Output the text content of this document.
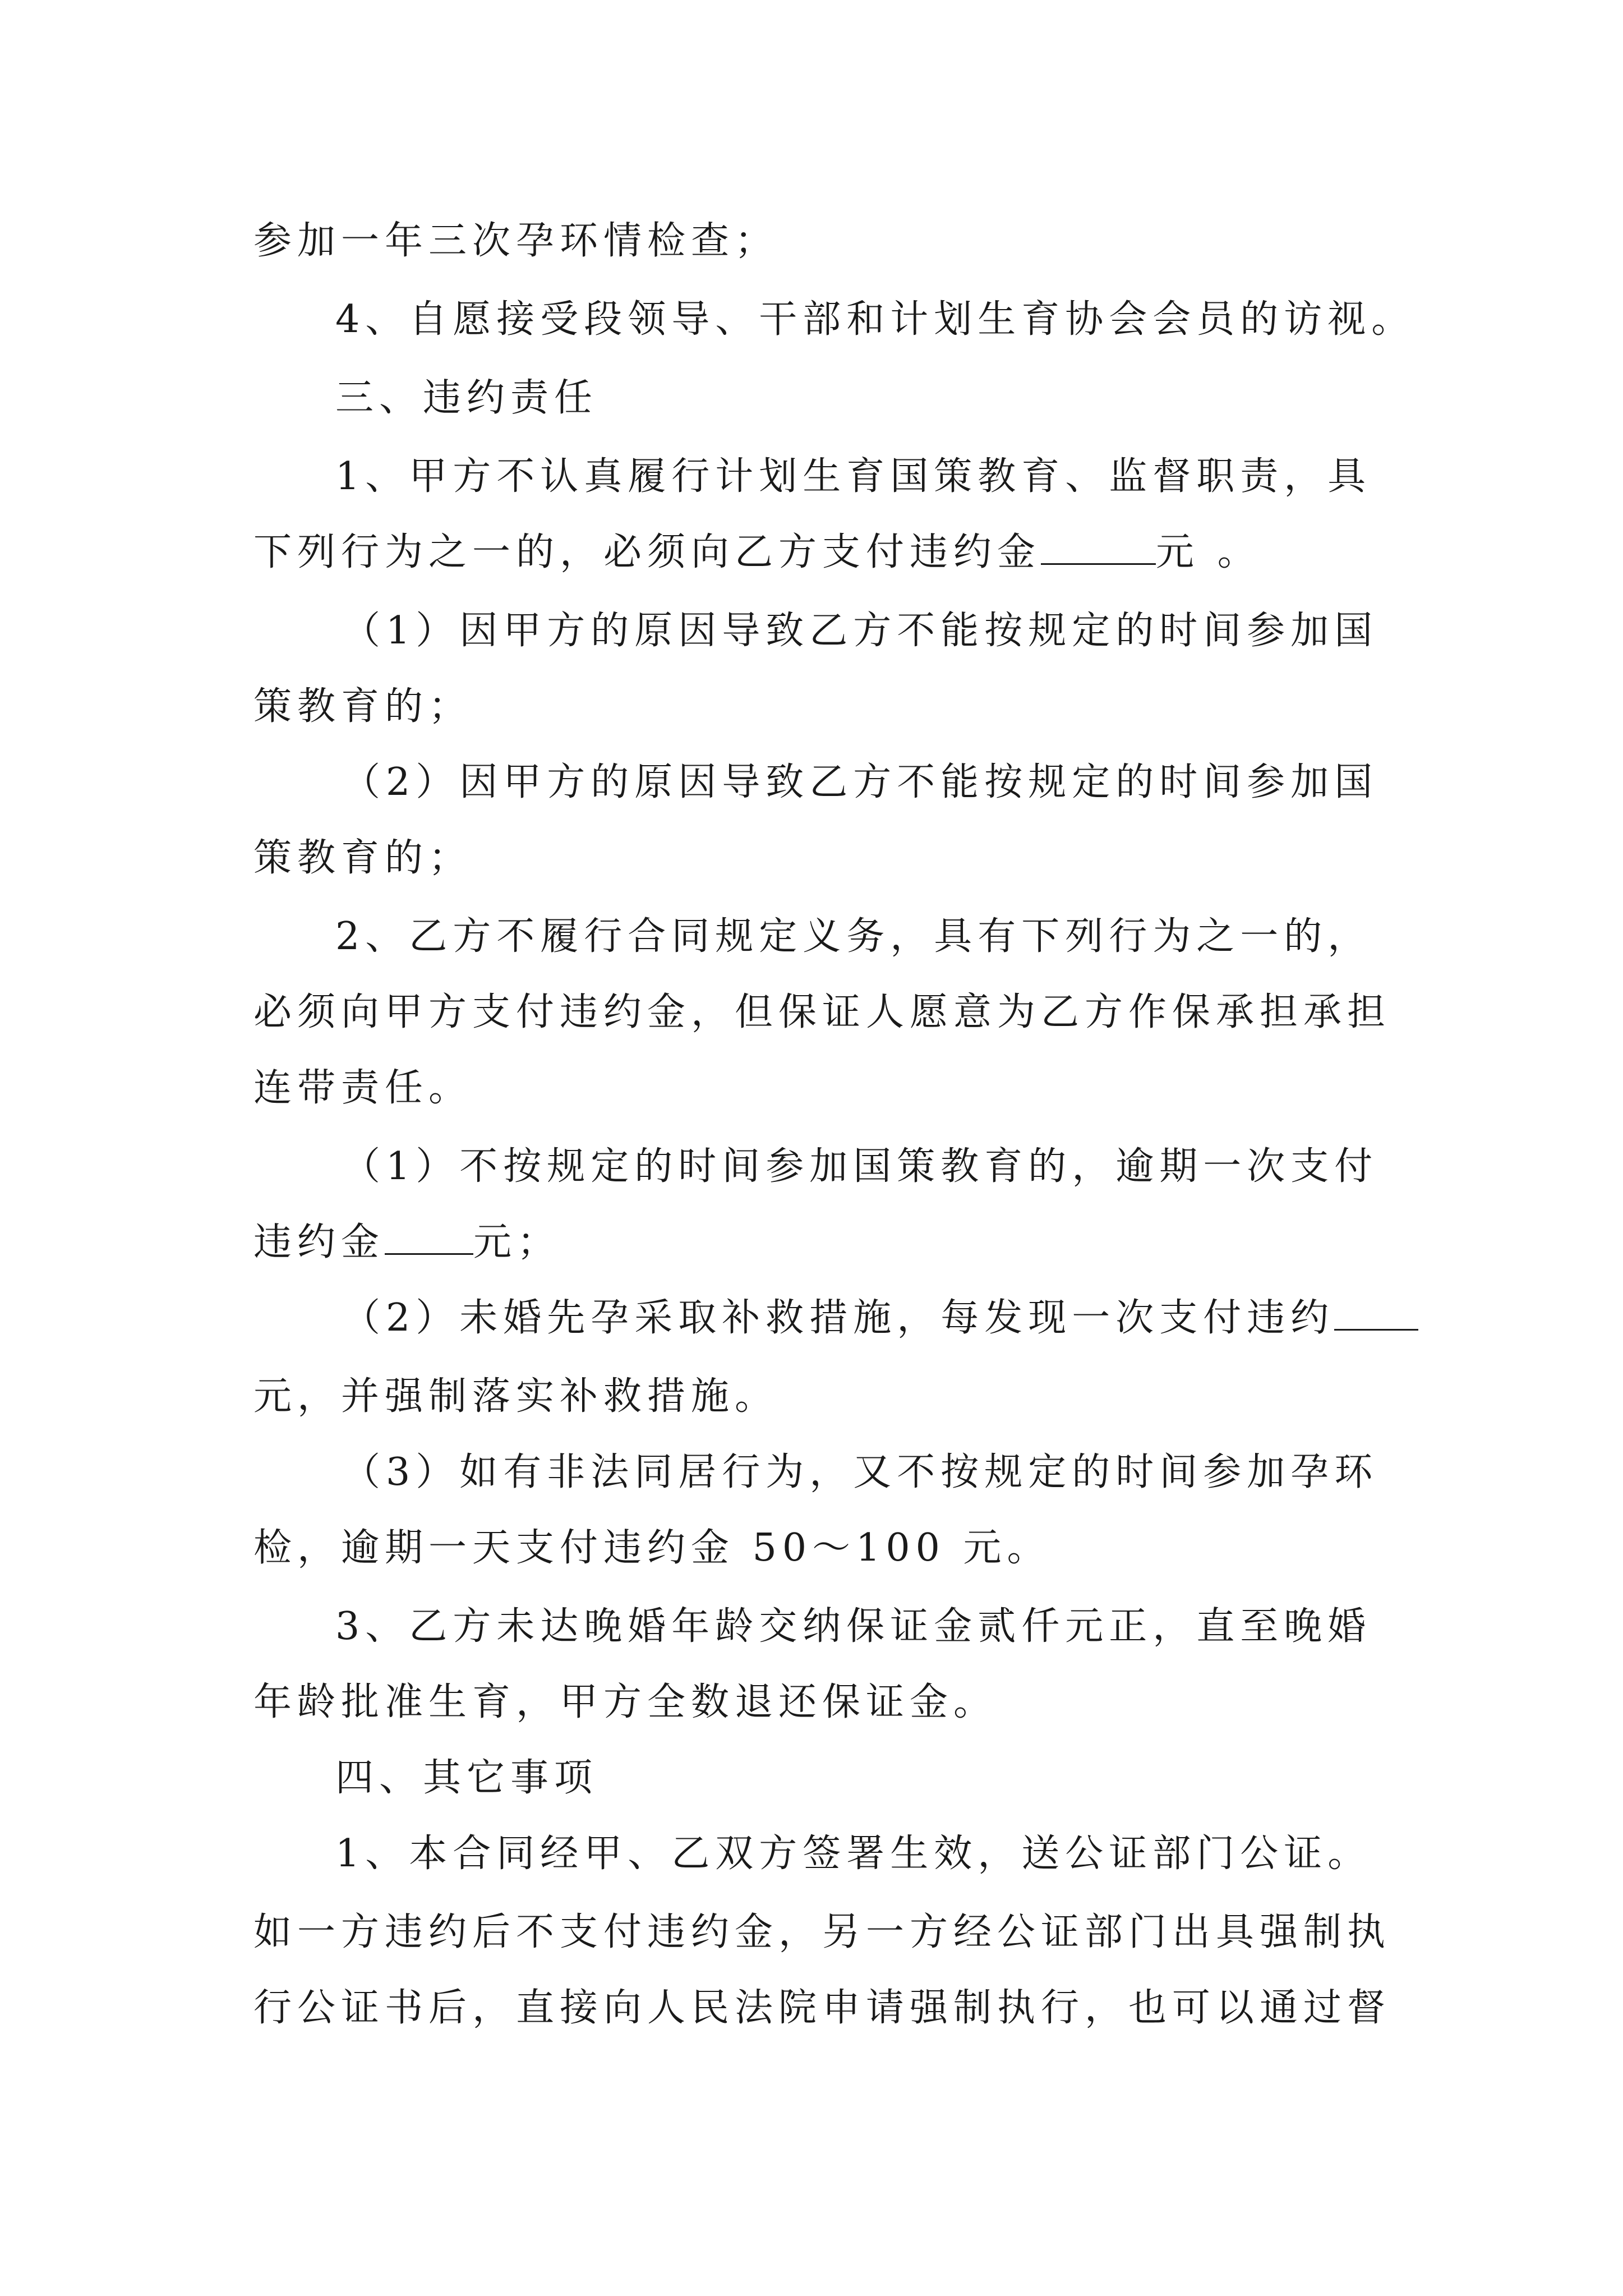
参加一年三次孕环情检查；
4、自愿接受段领导、干部和计划生育协会会员的访视。
三、违约责任
1、甲方不认真履行计划生育国策教育、监督职责，具
下列行为之一的，必须向乙方支付违约金	元 。
（1）因甲方的原因导致乙方不能按规定的时间参加国
策教育的；
（2）因甲方的原因导致乙方不能按规定的时间参加国
策教育的；
2、乙方不履行合同规定义务，具有下列行为之一的，
必须向甲方支付违约金，但保证人愿意为乙方作保承担承担
连带责任。
（1）不按规定的时间参加国策教育的，逾期一次支付
违约金 元；
（2）未婚先孕采取补救措施，每发现一次支付违约
元，并强制落实补救措施。
（3）如有非法同居行为，又不按规定的时间参加孕环
检，逾期一天支付违约金 50～100 元。
3、乙方未达晚婚年龄交纳保证金贰仟元正，直至晚婚
年龄批准生育，甲方全数退还保证金。
四、其它事项
1、本合同经甲、乙双方签署生效，送公证部门公证。
如一方违约后不支付违约金，另一方经公证部门出具强制执
行公证书后，直接向人民法院申请强制执行，也可以通过督
